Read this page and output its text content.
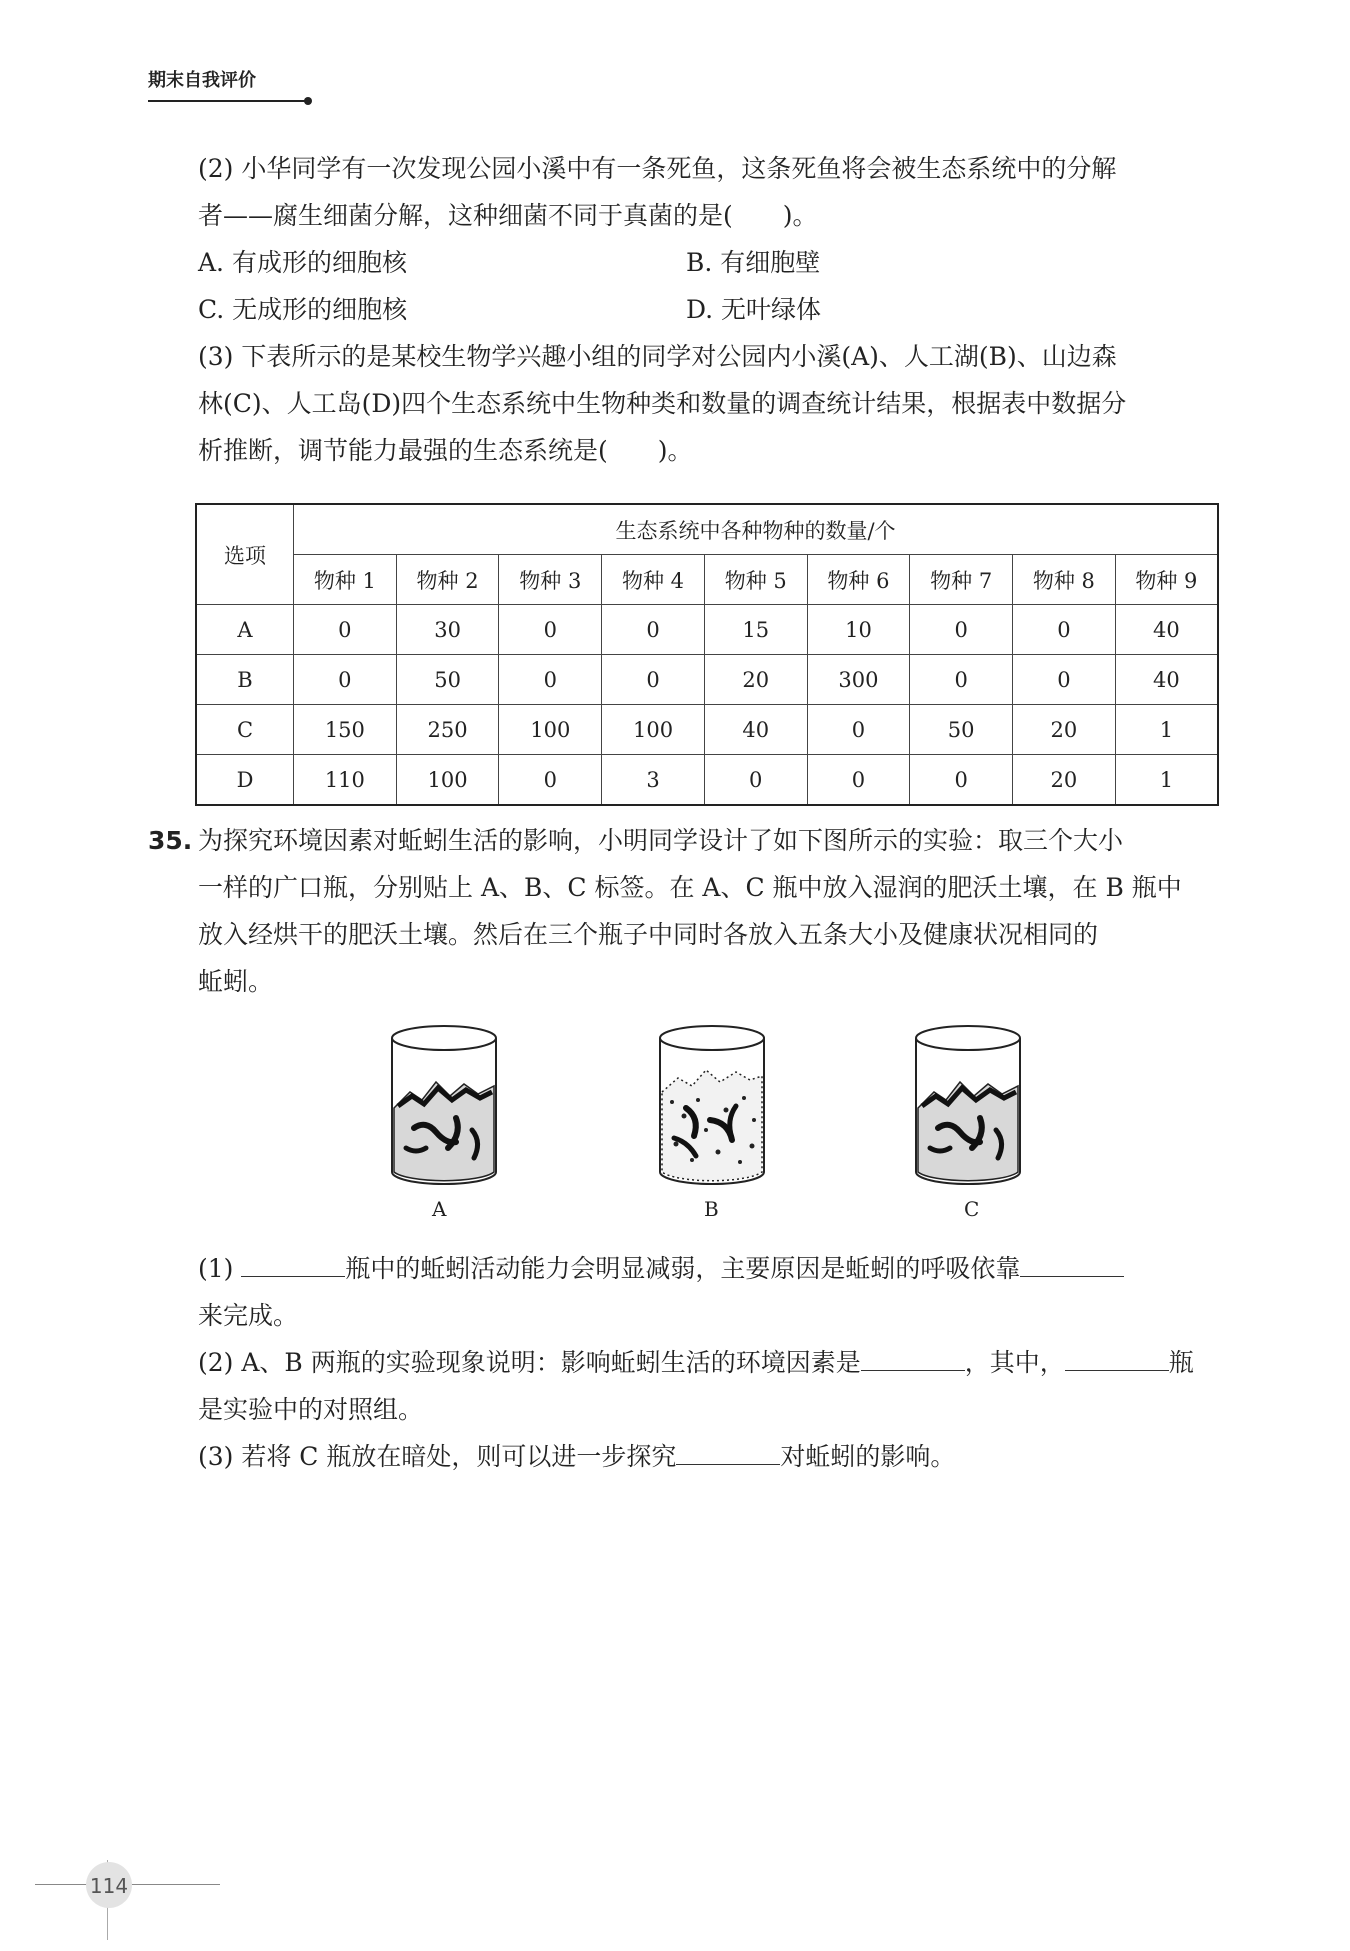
期末自我评价
(2) 小华同学有一次发现公园小溪中有一条死鱼，这条死鱼将会被生态系统中的分解
者——腐生细菌分解，这种细菌不同于真菌的是(　　)。
A. 有成形的细胞核	B. 有细胞壁
C. 无成形的细胞核	D. 无叶绿体
(3) 下表所示的是某校生物学兴趣小组的同学对公园内小溪(A)、人工湖(B)、山边森
林(C)、人工岛(D)四个生态系统中生物种类和数量的调查统计结果，根据表中数据分
析推断，调节能力最强的生态系统是(　　)。
选项	生态系统中各种物种的数量/个								
	物种 1	物种 2	物种 3	物种 4	物种 5	物种 6	物种 7	物种 8	物种 9
A	0	30	0	0	15	10	0	0	40
B	0	50	0	0	20	300	0	0	40
C	150	250	100	100	40	0	50	20	1
D	110	100	0	3	0	0	0	20	1
35. 为探究环境因素对蚯蚓生活的影响，小明同学设计了如下图所示的实验：取三个大小
一样的广口瓶，分别贴上 A、B、C 标签。在 A、C 瓶中放入湿润的肥沃土壤，在 B 瓶中
放入经烘干的肥沃土壤。然后在三个瓶子中同时各放入五条大小及健康状况相同的
蚯蚓。
A	B	C
(1)	瓶中的蚯蚓活动能力会明显减弱，主要原因是蚯蚓的呼吸依靠
来完成。
(2) A、B 两瓶的实验现象说明：影响蚯蚓生活的环境因素是	，其中，	瓶
是实验中的对照组。
(3) 若将 C 瓶放在暗处，则可以进一步探究	对蚯蚓的影响。
114
